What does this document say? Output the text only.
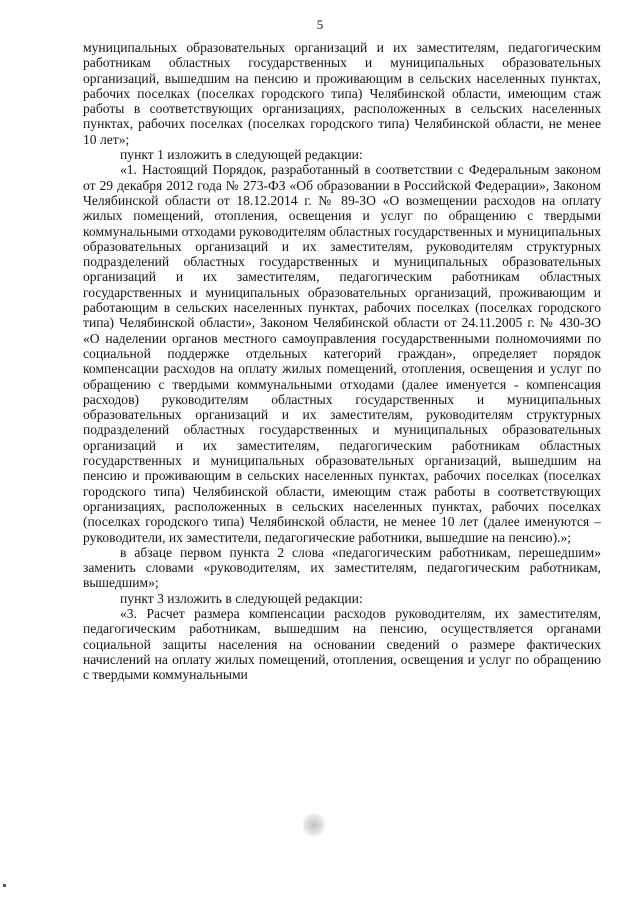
5

муниципальных образовательных организаций и их заместителям, педагогическим работникам областных государственных и муниципальных образовательных организаций, вышедшим на пенсию и проживающим в сельских населенных пунктах, рабочих поселках (поселках городского типа) Челябинской области, имеющим стаж работы в соответствующих организациях, расположенных в сельских населенных пунктах, рабочих поселках (поселках городского типа) Челябинской области, не менее 10 лет»;

пункт 1 изложить в следующей редакции:

«1. Настоящий Порядок, разработанный в соответствии с Федеральным законом от 29 декабря 2012 года № 273-ФЗ «Об образовании в Российской Федерации», Законом Челябинской области от 18.12.2014 г. № 89-ЗО «О возмещении расходов на оплату жилых помещений, отопления, освещения и услуг по обращению с твердыми коммунальными отходами руководителям областных государственных и муниципальных образовательных организаций и их заместителям, руководителям структурных подразделений областных государственных и муниципальных образовательных организаций и их заместителям, педагогическим работникам областных государственных и муниципальных образовательных организаций, проживающим и работающим в сельских населенных пунктах, рабочих поселках (поселках городского типа) Челябинской области», Законом Челябинской области от 24.11.2005 г. № 430-ЗО «О наделении органов местного самоуправления государственными полномочиями по социальной поддержке отдельных категорий граждан», определяет порядок компенсации расходов на оплату жилых помещений, отопления, освещения и услуг по обращению с твердыми коммунальными отходами (далее именуется - компенсация расходов) руководителям областных государственных и муниципальных образовательных организаций и их заместителям, руководителям структурных подразделений областных государственных и муниципальных образовательных организаций и их заместителям, педагогическим работникам областных государственных и муниципальных образовательных организаций, вышедшим на пенсию и проживающим в сельских населенных пунктах, рабочих поселках (поселках городского типа) Челябинской области, имеющим стаж работы в соответствующих организациях, расположенных в сельских населенных пунктах, рабочих поселках (поселках городского типа) Челябинской области, не менее 10 лет (далее именуются – руководители, их заместители, педагогические работники, вышедшие на пенсию).»;

в абзаце первом пункта 2 слова «педагогическим работникам, перешедшим» заменить словами «руководителям, их заместителям, педагогическим работникам, вышедшим»;

пункт 3 изложить в следующей редакции:

«3. Расчет размера компенсации расходов руководителям, их заместителям, педагогическим работникам, вышедшим на пенсию, осуществляется органами социальной защиты населения на основании сведений о размере фактических начислений на оплату жилых помещений, отопления, освещения и услуг по обращению с твердыми коммунальными
